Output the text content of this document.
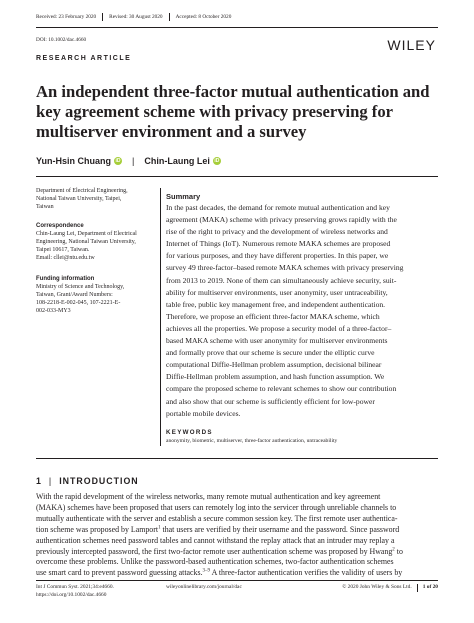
Received: 23 February 2020 Revised: 30 August 2020 Accepted: 8 October 2020
DOI: 10.1002/dac.4660	WILEY
RESEARCH ARTICLE
An independent three-factor mutual authentication and
key agreement scheme with privacy preserving for
multiserver environment and a survey
Yun-Hsin Chuang iD | Chin-Laung Lei iD
Department of Electrical Engineering,
National Taiwan University, Taipei,
Taiwan
Correspondence
Chin-Laung Lei, Department of Electrical
Engineering, National Taiwan University,
Taipei 10617, Taiwan.
Email: cllei@ntu.edu.tw
Funding information
Ministry of Science and Technology,
Taiwan, Grant/Award Numbers:
108-2218-E-002-045, 107-2221-E-
002-033-MY3
Summary
In the past decades, the demand for remote mutual authentication and key
agreement (MAKA) scheme with privacy preserving grows rapidly with the
rise of the right to privacy and the development of wireless networks and
Internet of Things (IoT). Numerous remote MAKA schemes are proposed
for various purposes, and they have different properties. In this paper, we
survey 49 three-factor–based remote MAKA schemes with privacy preserving
from 2013 to 2019. None of them can simultaneously achieve security, suit-
ability for multiserver environments, user anonymity, user untraceability,
table free, public key management free, and independent authentication.
Therefore, we propose an efficient three-factor MAKA scheme, which
achieves all the properties. We propose a security model of a three-factor–
based MAKA scheme with user anonymity for multiserver environments
and formally prove that our scheme is secure under the elliptic curve
computational Diffie-Hellman problem assumption, decisional bilinear
Diffie-Hellman problem assumption, and hash function assumption. We
compare the proposed scheme to relevant schemes to show our contribution
and also show that our scheme is sufficiently efficient for low-power
portable mobile devices.
KEYWORDS
anonymity, biometric, multiserver, three-factor authentication, untraceability
1 | INTRODUCTION
With the rapid development of the wireless networks, many remote mutual authentication and key agreement
(MAKA) schemes have been proposed that users can remotely log into the servicer through unreliable channels to
mutually authenticate with the server and establish a secure common session key. The first remote user authentica-
tion scheme was proposed by Lamport$^1$ that users are verified by their username and the password. Since password
authentication schemes need password tables and cannot withstand the replay attack that an intruder may replay a
previously intercepted password, the first two-factor remote user authentication scheme was proposed by Hwang$^2$ to
overcome these problems. Unlike the password-based authentication schemes, two-factor authentication schemes
use smart card to prevent password guessing attacks.$^{3-9}$ A three-factor authentication verifies the validity of users by
Int J Commun Syst. 2021;34:e4660.
https://doi.org/10.1002/dac.4660
wileyonlinelibrary.com/journal/dac	© 2020 John Wiley & Sons Ltd. 1 of 20
